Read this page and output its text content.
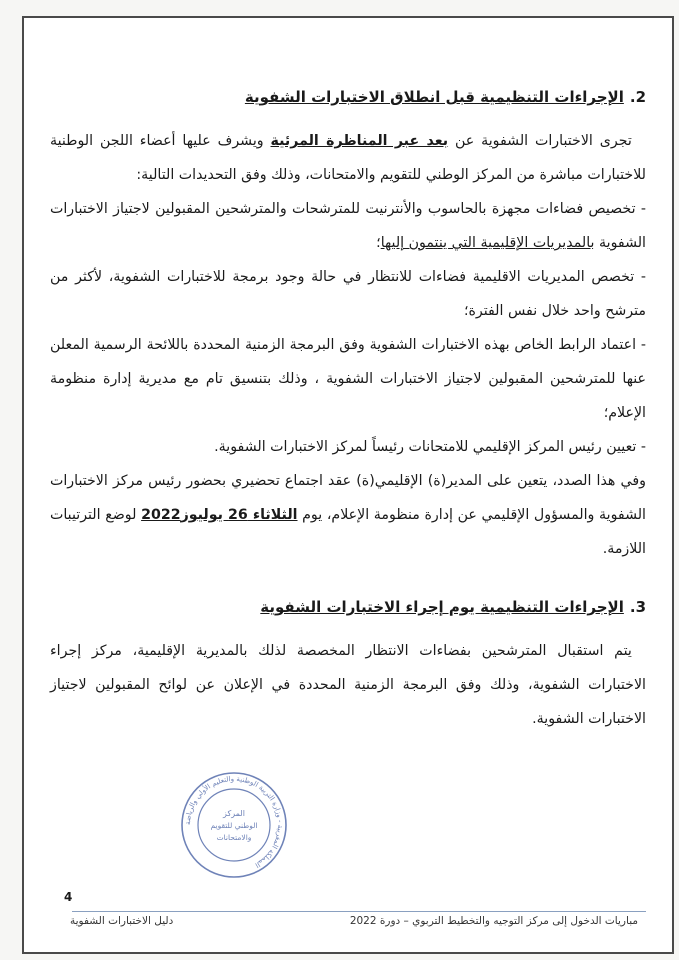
2.الإجراءات التنظيمية قبل انطلاق الاختبارات الشفوية

 تجرى الاختبارات الشفوية عن بعد عبر المناظرة المرئية ويشرف عليها أعضاء اللجن الوطنية للاختبارات مباشرة من المركز الوطني للتقويم والامتحانات، وذلك وفق التحديدات التالية:

- تخصيص فضاءات مجهزة بالحاسوب والأنترنيت للمترشحات والمترشحين المقبولين لاجتياز الاختبارات الشفوية بالمديريات الإقليمية التي ينتمون إليها؛

- تخصص المديريات الاقليمية فضاءات للانتظار في حالة وجود برمجة للاختبارات الشفوية، لأكثر من مترشح واحد خلال نفس الفترة؛

- اعتماد الرابط الخاص بهذه الاختبارات الشفوية وفق البرمجة الزمنية المحددة باللائحة الرسمية المعلن عنها للمترشحين المقبولين لاجتياز الاختبارات الشفوية ، وذلك بتنسيق تام مع مديرية إدارة منظومة الإعلام؛

- تعيين رئيس المركز الإقليمي للامتحانات رئيساً لمركز الاختبارات الشفوية.

وفي هذا الصدد، يتعين على المدير(ة) الإقليمي(ة) عقد اجتماع تحضيري بحضور رئيس مركز الاختبارات الشفوية والمسؤول الإقليمي عن إدارة منظومة الإعلام، يوم الثلاثاء 26 يوليوز2022 لوضع الترتيبات اللازمة.

3.الإجراءات التنظيمية يوم إجراء الاختبارات الشفوية

 يتم استقبال المترشحين بفضاءات الانتظار المخصصة لذلك بالمديرية الإقليمية، مركز إجراء الاختبارات الشفوية، وذلك وفق البرمجة الزمنية المحددة في الإعلان عن لوائح المقبولين لاجتياز الاختبارات الشفوية.

المملكة المغربية - وزارة التربية الوطنية والتعليم الأولي والرياضة
المركز
الوطني للتقويم
والامتحانات
4
مباريات الدخول إلى مركز التوجيه والتخطيط التربوي – دورة 2022
دليل الاختبارات الشفوية
